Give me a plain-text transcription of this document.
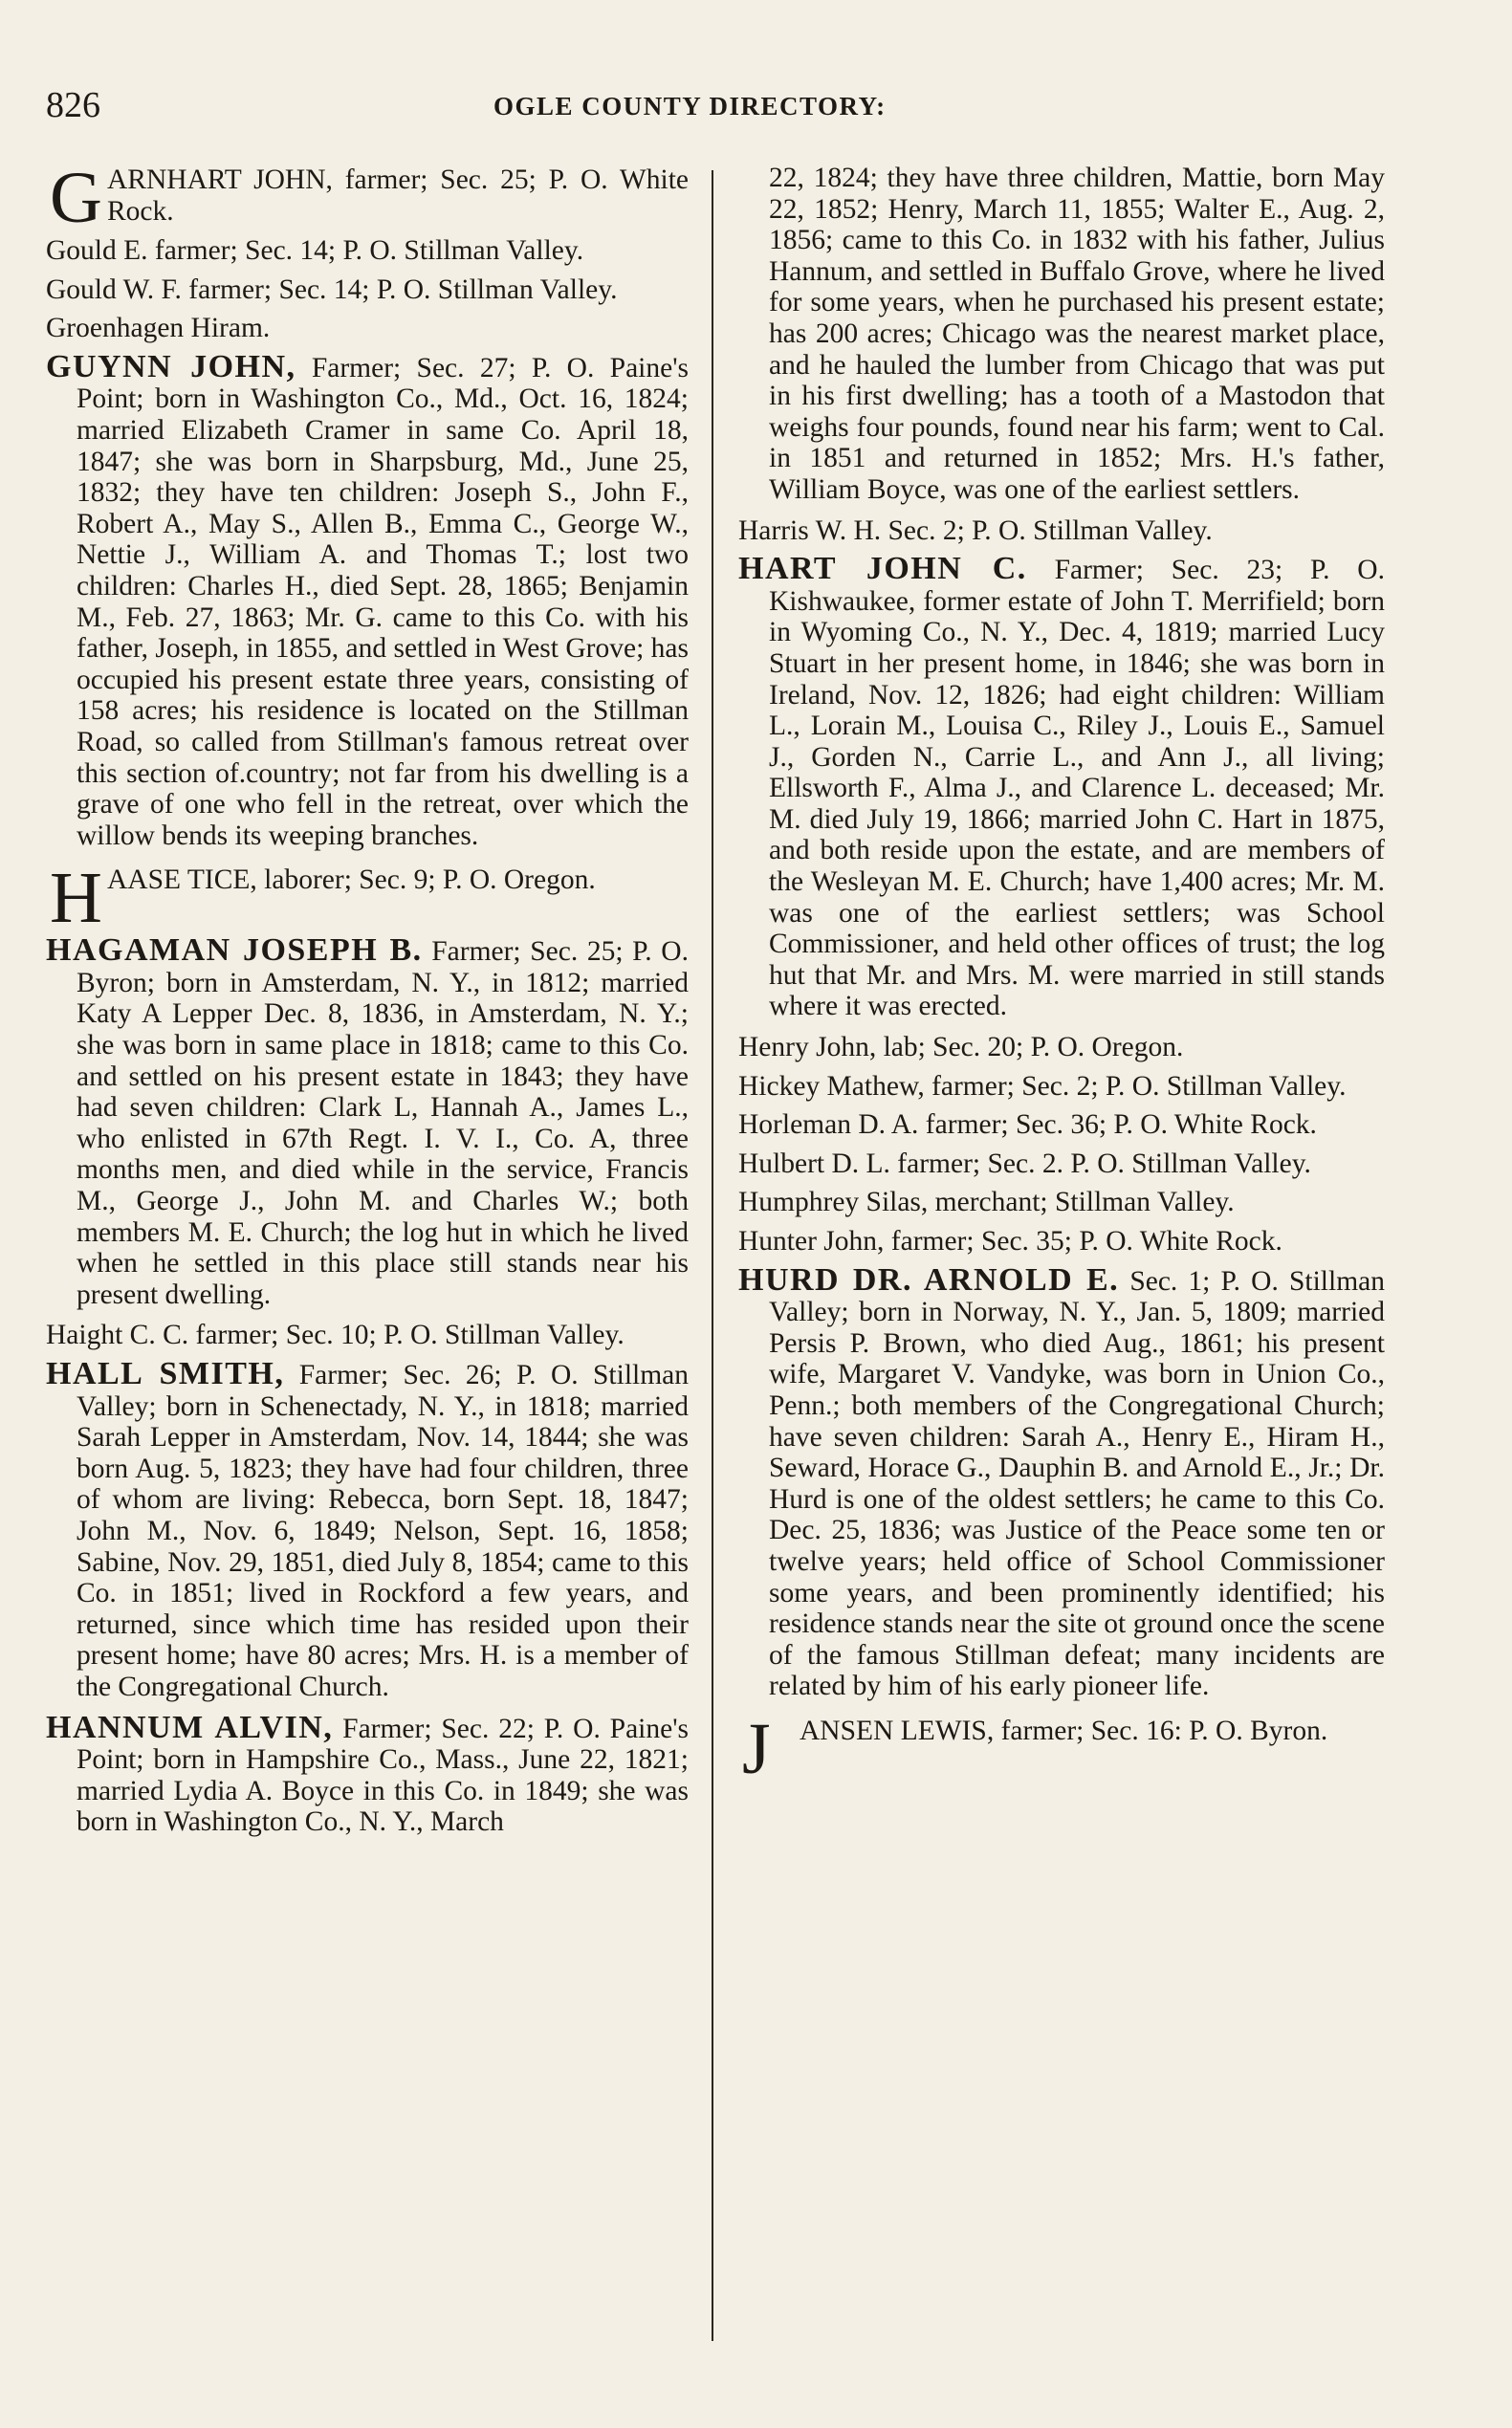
826	OGLE COUNTY DIRECTORY:
G ARNHART JOHN, farmer; Sec. 25; P. O. White Rock.
Gould E. farmer; Sec. 14; P. O. Stillman Valley.
Gould W. F. farmer; Sec. 14; P. O. Stillman Valley.
Groenhagen Hiram.
GUYNN JOHN, Farmer; Sec. 27; P. O. Paine's Point; born in Washington Co., Md., Oct. 16, 1824; married Elizabeth Cramer in same Co. April 18, 1847; she was born in Sharpsburg, Md., June 25, 1832; they have ten children: Joseph S., John F., Robert A., May S., Allen B., Emma C., George W., Nettie J., William A. and Thomas T.; lost two children: Charles H., died Sept. 28, 1865; Benjamin M., Feb. 27, 1863; Mr. G. came to this Co. with his father, Joseph, in 1855, and settled in West Grove; has occupied his present estate three years, consisting of 158 acres; his residence is located on the Stillman Road, so called from Stillman's famous retreat over this section of.country; not far from his dwelling is a grave of one who fell in the retreat, over which the willow bends its weeping branches.
H AASE TICE, laborer; Sec. 9; P. O. Oregon.
HAGAMAN JOSEPH B. Farmer; Sec. 25; P. O. Byron; born in Amsterdam, N. Y., in 1812; married Katy A Lepper Dec. 8, 1836, in Amsterdam, N. Y.; she was born in same place in 1818; came to this Co. and settled on his present estate in 1843; they have had seven children: Clark L, Hannah A., James L., who enlisted in 67th Regt. I. V. I., Co. A, three months men, and died while in the service, Francis M., George J., John M. and Charles W.; both members M. E. Church; the log hut in which he lived when he settled in this place still stands near his present dwelling.
Haight C. C. farmer; Sec. 10; P. O. Stillman Valley.
HALL SMITH, Farmer; Sec. 26; P. O. Stillman Valley; born in Schenectady, N. Y., in 1818; married Sarah Lepper in Amsterdam, Nov. 14, 1844; she was born Aug. 5, 1823; they have had four children, three of whom are living: Rebecca, born Sept. 18, 1847; John M., Nov. 6, 1849; Nelson, Sept. 16, 1858; Sabine, Nov. 29, 1851, died July 8, 1854; came to this Co. in 1851; lived in Rockford a few years, and returned, since which time has resided upon their present home; have 80 acres; Mrs. H. is a member of the Congregational Church.
HANNUM ALVIN, Farmer; Sec. 22; P. O. Paine's Point; born in Hampshire Co., Mass., June 22, 1821; married Lydia A. Boyce in this Co. in 1849; she was born in Washington Co., N. Y., March
22, 1824; they have three children, Mattie, born May 22, 1852; Henry, March 11, 1855; Walter E., Aug. 2, 1856; came to this Co. in 1832 with his father, Julius Hannum, and settled in Buffalo Grove, where he lived for some years, when he purchased his present estate; has 200 acres; Chicago was the nearest market place, and he hauled the lumber from Chicago that was put in his first dwelling; has a tooth of a Mastodon that weighs four pounds, found near his farm; went to Cal. in 1851 and returned in 1852; Mrs. H.'s father, William Boyce, was one of the earliest settlers.
Harris W. H. Sec. 2; P. O. Stillman Valley.
HART JOHN C. Farmer; Sec. 23; P. O. Kishwaukee, former estate of John T. Merrifield; born in Wyoming Co., N. Y., Dec. 4, 1819; married Lucy Stuart in her present home, in 1846; she was born in Ireland, Nov. 12, 1826; had eight children: William L., Lorain M., Louisa C., Riley J., Louis E., Samuel J., Gorden N., Carrie L., and Ann J., all living; Ellsworth F., Alma J., and Clarence L. deceased; Mr. M. died July 19, 1866; married John C. Hart in 1875, and both reside upon the estate, and are members of the Wesleyan M. E. Church; have 1,400 acres; Mr. M. was one of the earliest settlers; was School Commissioner, and held other offices of trust; the log hut that Mr. and Mrs. M. were married in still stands where it was erected.
Henry John, lab; Sec. 20; P. O. Oregon.
Hickey Mathew, farmer; Sec. 2; P. O. Stillman Valley.
Horleman D. A. farmer; Sec. 36; P. O. White Rock.
Hulbert D. L. farmer; Sec. 2. P. O. Stillman Valley.
Humphrey Silas, merchant; Stillman Valley.
Hunter John, farmer; Sec. 35; P. O. White Rock.
HURD DR. ARNOLD E. Sec. 1; P. O. Stillman Valley; born in Norway, N. Y., Jan. 5, 1809; married Persis P. Brown, who died Aug., 1861; his present wife, Margaret V. Vandyke, was born in Union Co., Penn.; both members of the Congregational Church; have seven children: Sarah A., Henry E., Hiram H., Seward, Horace G., Dauphin B. and Arnold E., Jr.; Dr. Hurd is one of the oldest settlers; he came to this Co. Dec. 25, 1836; was Justice of the Peace some ten or twelve years; held office of School Commissioner some years, and been prominently identified; his residence stands near the site ot ground once the scene of the famous Stillman defeat; many incidents are related by him of his early pioneer life.
J ANSEN LEWIS, farmer; Sec. 16: P. O. Byron.
